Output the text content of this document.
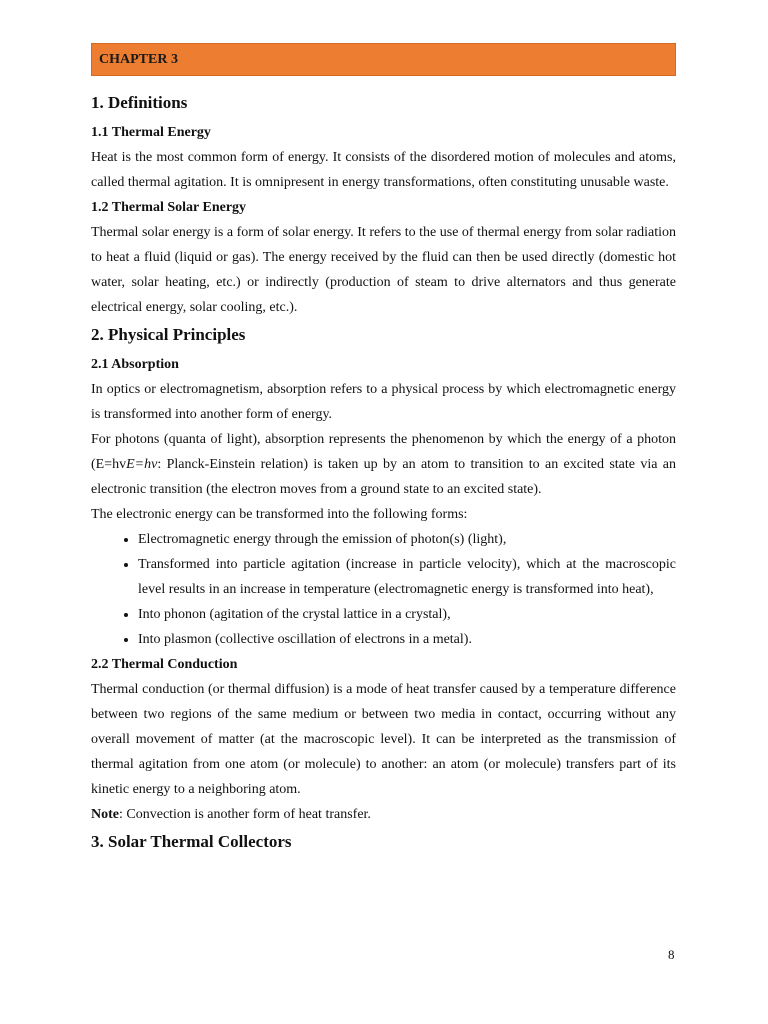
CHAPTER 3
1. Definitions
1.1 Thermal Energy

Heat is the most common form of energy. It consists of the disordered motion of molecules and atoms, called thermal agitation. It is omnipresent in energy transformations, often constituting unusable waste.

1.2 Thermal Solar Energy

Thermal solar energy is a form of solar energy. It refers to the use of thermal energy from solar radiation to heat a fluid (liquid or gas). The energy received by the fluid can then be used directly (domestic hot water, solar heating, etc.) or indirectly (production of steam to drive alternators and thus generate electrical energy, solar cooling, etc.).

2. Physical Principles
2.1 Absorption

In optics or electromagnetism, absorption refers to a physical process by which electromagnetic energy is transformed into another form of energy.

For photons (quanta of light), absorption represents the phenomenon by which the energy of a photon (E=hvE=hv: Planck-Einstein relation) is taken up by an atom to transition to an excited state via an electronic transition (the electron moves from a ground state to an excited state).

The electronic energy can be transformed into the following forms:

• Electromagnetic energy through the emission of photon(s) (light),
• Transformed into particle agitation (increase in particle velocity), which at the macroscopic level results in an increase in temperature (electromagnetic energy is transformed into heat),
• Into phonon (agitation of the crystal lattice in a crystal),
• Into plasmon (collective oscillation of electrons in a metal).
2.2 Thermal Conduction

Thermal conduction (or thermal diffusion) is a mode of heat transfer caused by a temperature difference between two regions of the same medium or between two media in contact, occurring without any overall movement of matter (at the macroscopic level). It can be interpreted as the transmission of thermal agitation from one atom (or molecule) to another: an atom (or molecule) transfers part of its kinetic energy to a neighboring atom.

Note: Convection is another form of heat transfer.

3. Solar Thermal Collectors
8
